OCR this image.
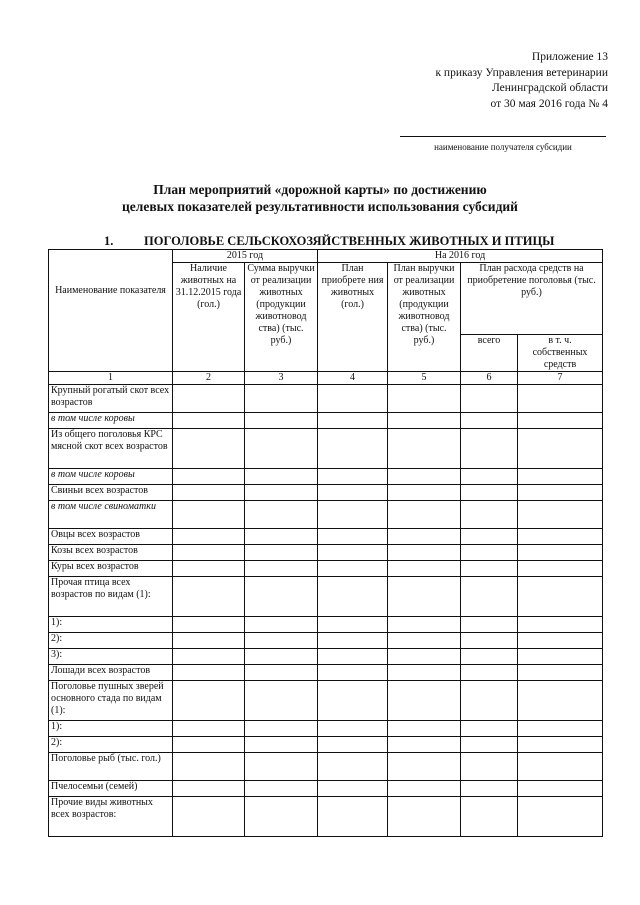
Приложение 13
к приказу Управления ветеринарии
Ленинградской области
от 30 мая 2016 года № 4
наименование получателя субсидии
План мероприятий «дорожной карты» по достижению
целевых показателей результативности использования субсидий
1. ПОГОЛОВЬЕ СЕЛЬСКОХОЗЯЙСТВЕННЫХ ЖИВОТНЫХ И ПТИЦЫ
Наименование показателя	2015 год		На 2016 год			
	Наличие животных на 31.12.2015 года (гол.)	Сумма выручки от реализации животных (продукции животновод ства) (тыс. руб.)	План приобрете ния животных (гол.)	План выручки от реализации животных (продукции животновод ства) (тыс. руб.)	План расхода средств на приобретение поголовья (тыс. руб.)	
					всего	в т. ч. собственных средств
1	2	3	4	5	6	7
Крупный рогатый скот всех возрастов						
в том числе коровы						
Из общего поголовья КРС мясной скот всех возрастов						
в том числе коровы						
Свиньи всех возрастов						
в том числе свиноматки						
Овцы всех возрастов						
Козы всех возрастов						
Куры всех возрастов						
Прочая птица всех возрастов по видам (1):						
1):						
2):						
3):						
Лошади всех возрастов						
Поголовье пушных зверей основного стада по видам (1):						
1):						
2):						
Поголовье рыб (тыс. гол.)						
Пчелосемьи (семей)						
Прочие виды животных всех возрастов:						
